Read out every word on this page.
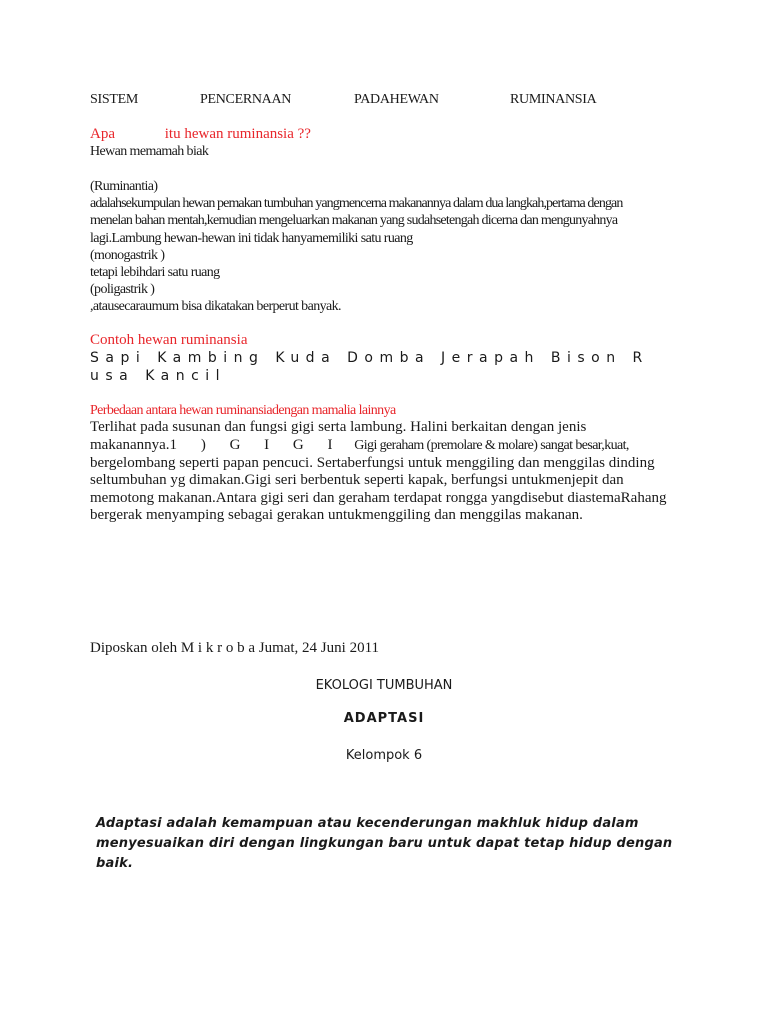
SISTEM	PENCERNAAN	PADAHEWAN	RUMINANSIA
Apa	itu hewan ruminansia ??

Hewan memamah biak

(Ruminantia)

adalahsekumpulan hewan pemakan tumbuhan yangmencerna makanannya dalam dua langkah,pertama dengan

menelan bahan mentah,kemudian mengeluarkan makanan yang sudahsetengah dicerna dan mengunyahnya

lagi.Lambung hewan-hewan ini tidak hanyamemiliki satu ruang

(monogastrik )

tetapi lebihdari satu ruang

(poligastrik )

,atausecaraumum bisa dikatakan berperut banyak.

Contoh hewan ruminansia

Sapi Kambing Kuda Domba Jerapah Bison R

usa Kancil

Perbedaan antara hewan ruminansiadengan mamalia lainnya

Terlihat pada susunan dan fungsi gigi serta lambung. Halini berkaitan dengan jenis

makanannya.1 ) G I G I Gigi geraham (premolare & molare) sangat besar,kuat,

bergelombang seperti papan pencuci. Sertaberfungsi untuk menggiling dan menggilas dinding

seltumbuhan yg dimakan.Gigi seri berbentuk seperti kapak, berfungsi untukmenjepit dan

memotong makanan.Antara gigi seri dan geraham terdapat rongga yangdisebut diastemaRahang

bergerak menyamping sebagai gerakan untukmenggiling dan menggilas makanan.

Diposkan oleh M i k r o b a Jumat, 24 Juni 2011

EKOLOGI TUMBUHAN

ADAPTASI

Kelompok 6

Adaptasi adalah kemampuan atau kecenderungan makhluk hidup dalam

menyesuaikan diri dengan lingkungan baru untuk dapat tetap hidup dengan

baik.
